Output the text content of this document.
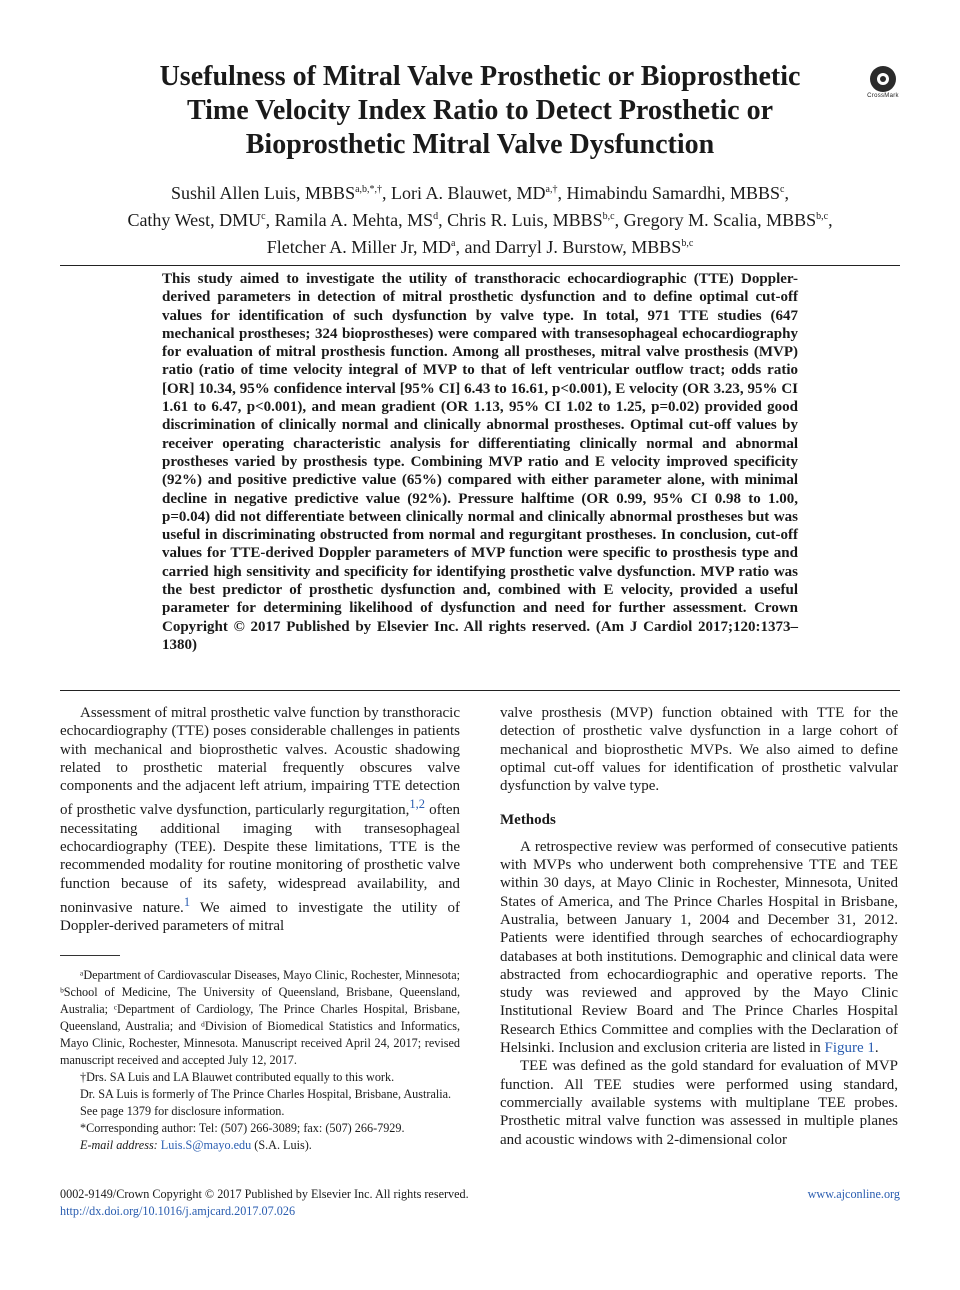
Usefulness of Mitral Valve Prosthetic or Bioprosthetic
Time Velocity Index Ratio to Detect Prosthetic or
Bioprosthetic Mitral Valve Dysfunction
CrossMark
Sushil Allen Luis, $MBBS^{a,b,*,\dagger}$, Lori A. Blauwet, $MD^{a,\dagger}$, Himabindu Samardhi, MBBS$^c$,
Cathy West, DMU$^c$, Ramila A. Mehta, $MS^d$, Chris R. Luis, MBBS$^{b,c}$, Gregory M. Scalia, MBBS$^{b,c}$,
Fletcher A. Miller Jr, $MD^a$, and Darryl J. Burstow, MBBS$^{b,c}$

This study aimed to investigate the utility of transthoracic echocardiographic (TTE) Doppler-derived parameters in detection of mitral prosthetic dysfunction and to define optimal cut-off values for identification of such dysfunction by valve type. In total, 971 TTE studies (647 mechanical prostheses; 324 bioprostheses) were compared with transesophageal echocardiography for evaluation of mitral prosthesis function. Among all prostheses, mitral valve prosthesis (MVP) ratio (ratio of time velocity integral of MVP to that of left ventricular outflow tract; odds ratio [OR] 10.34, 95% confidence interval [95% CI] 6.43 to 16.61, p<0.001), E velocity (OR 3.23, 95% CI 1.61 to 6.47, p<0.001), and mean gradient (OR 1.13, 95% CI 1.02 to 1.25, p=0.02) provided good discrimination of clinically normal and clinically abnormal prostheses. Optimal cut-off values by receiver operating characteristic analysis for differentiating clinically normal and abnormal prostheses varied by prosthesis type. Combining MVP ratio and E velocity improved specificity (92%) and positive predictive value (65%) compared with either parameter alone, with minimal decline in negative predictive value (92%). Pressure halftime (OR 0.99, 95% CI 0.98 to 1.00, p=0.04) did not differentiate between clinically normal and clinically abnormal prostheses but was useful in discriminating obstructed from normal and regurgitant prostheses. In conclusion, cut-off values for TTE-derived Doppler parameters of MVP function were specific to prosthesis type and carried high sensitivity and specificity for identifying prosthetic valve dysfunction. MVP ratio was the best predictor of prosthetic dysfunction and, combined with E velocity, provided a useful parameter for determining likelihood of dysfunction and need for further assessment. Crown Copyright © 2017 Published by Elsevier Inc. All rights reserved. (Am J Cardiol 2017;120:1373–1380)

Assessment of mitral prosthetic valve function by transthoracic echocardiography (TTE) poses considerable challenges in patients with mechanical and bioprosthetic valves. Acoustic shadowing related to prosthetic material frequently obscures valve components and the adjacent left atrium, impairing TTE detection of prosthetic valve dysfunction, particularly regurgitation,$^{1,2}$ often necessitating additional imaging with transesophageal echocardiography (TEE). Despite these limitations, TTE is the recommended modality for routine monitoring of prosthetic valve function because of its safety, widespread availability, and noninvasive nature.$^1$ We aimed to investigate the utility of Doppler-derived parameters of mitral

valve prosthesis (MVP) function obtained with TTE for the detection of prosthetic valve dysfunction in a large cohort of mechanical and bioprosthetic MVPs. We also aimed to define optimal cut-off values for identification of prosthetic valvular dysfunction by valve type.

Methods

A retrospective review was performed of consecutive patients with MVPs who underwent both comprehensive TTE and TEE within 30 days, at Mayo Clinic in Rochester, Minnesota, United States of America, and The Prince Charles Hospital in Brisbane, Australia, between January 1, 2004 and December 31, 2012. Patients were identified through searches of echocardiography databases at both institutions. Demographic and clinical data were abstracted from echocardiographic and operative reports. The study was reviewed and approved by the Mayo Clinic Institutional Review Board and The Prince Charles Hospital Research Ethics Committee and complies with the Declaration of Helsinki. Inclusion and exclusion criteria are listed in Figure 1.

TEE was defined as the gold standard for evaluation of MVP function. All TEE studies were performed using standard, commercially available systems with multiplane TEE probes. Prosthetic mitral valve function was assessed in multiple planes and acoustic windows with 2-dimensional color

ᵃDepartment of Cardiovascular Diseases, Mayo Clinic, Rochester, Minnesota; ᵇSchool of Medicine, The University of Queensland, Brisbane, Queensland, Australia; ᶜDepartment of Cardiology, The Prince Charles Hospital, Brisbane, Queensland, Australia; and ᵈDivision of Biomedical Statistics and Informatics, Mayo Clinic, Rochester, Minnesota. Manuscript received April 24, 2017; revised manuscript received and accepted July 12, 2017.

†Drs. SA Luis and LA Blauwet contributed equally to this work.

Dr. SA Luis is formerly of The Prince Charles Hospital, Brisbane, Australia.

See page 1379 for disclosure information.

*Corresponding author: Tel: (507) 266-3089; fax: (507) 266-7929.

E-mail address: Luis.S@mayo.edu (S.A. Luis).

0002-9149/Crown Copyright © 2017 Published by Elsevier Inc. All rights reserved.
http://dx.doi.org/10.1016/j.amjcard.2017.07.026
www.ajconline.org
